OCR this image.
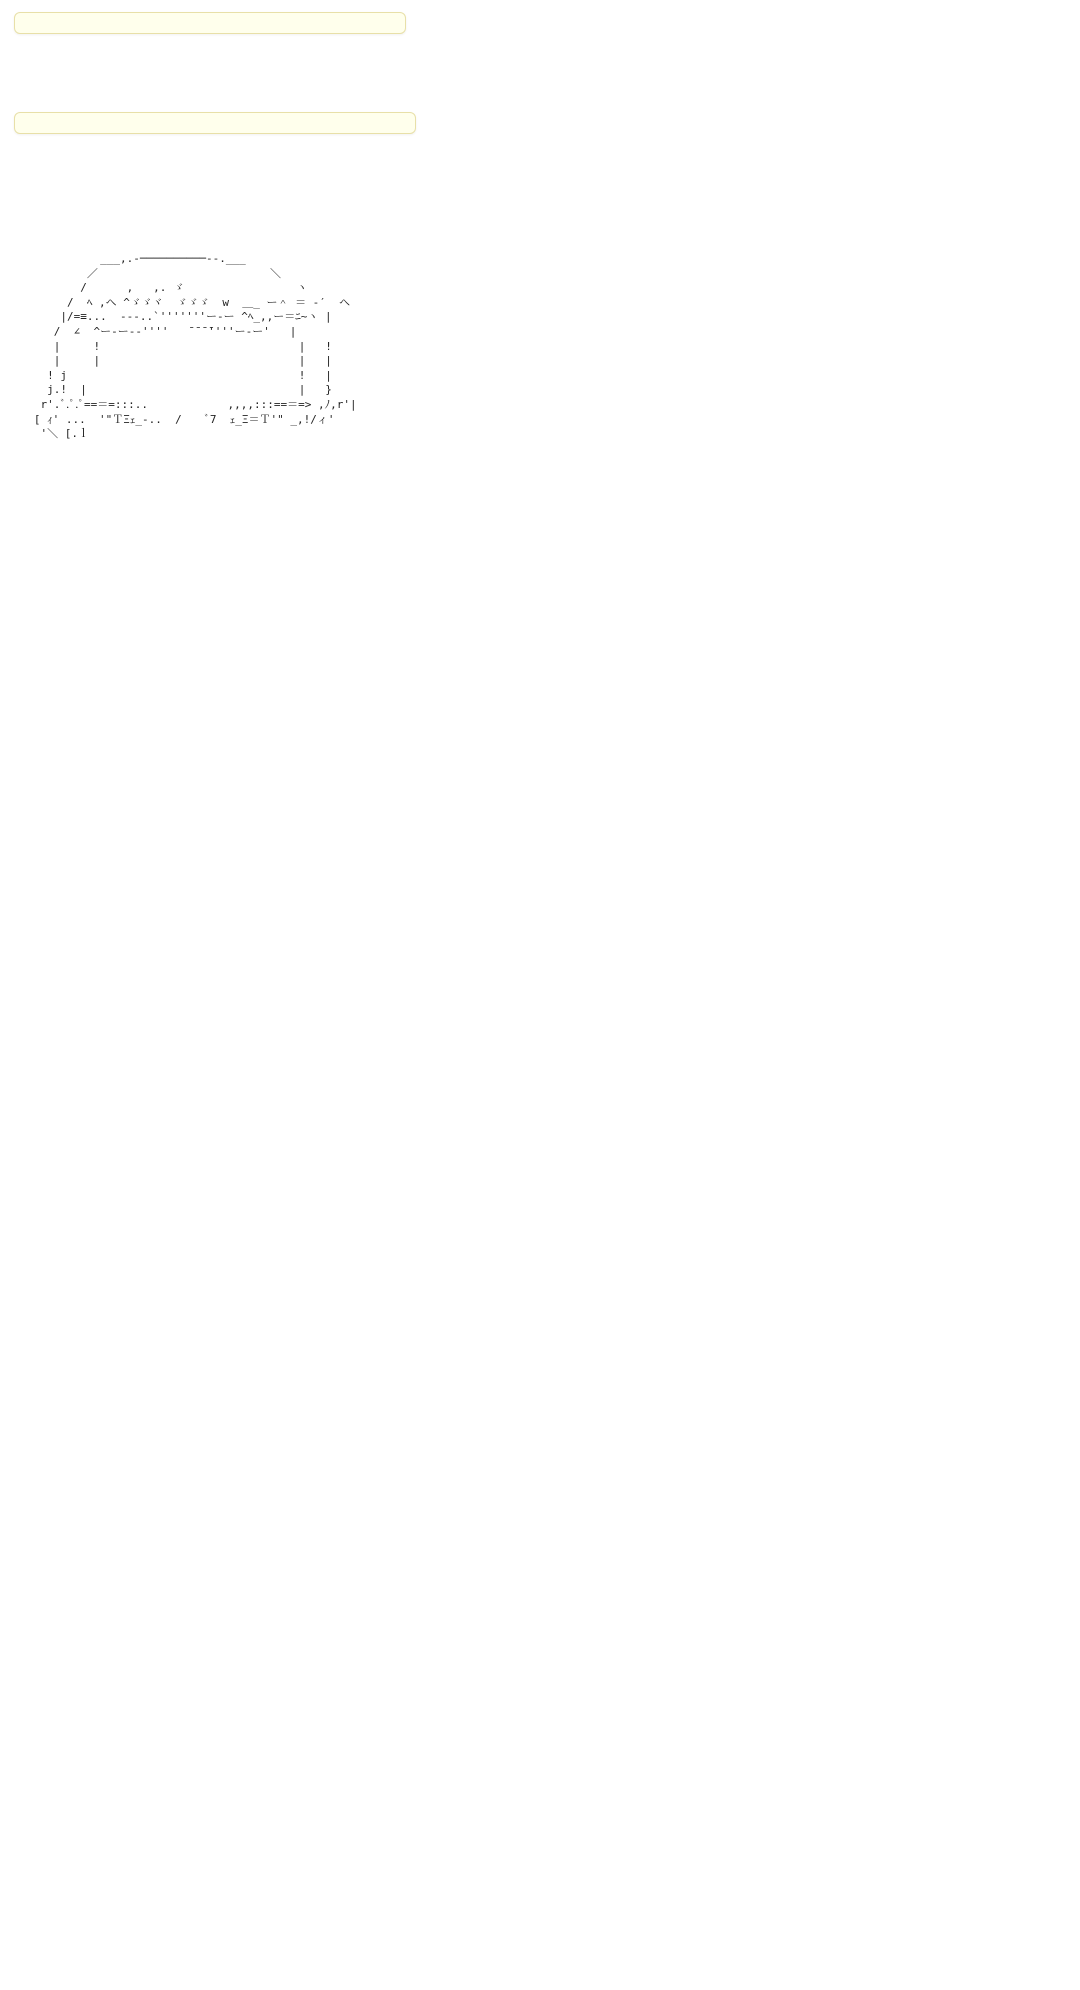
___,.-──────────‐-.___
／                          ＼
/      ,   ,. ゞ                 ヽ
/  ﾍ ,ヘ ^ゞゞヾ  ゞゞゞ  w  ＿_ ー＾ ＝ ‐′  ヘ
|/=≡...  ---..`'''''''ー‐ー ^ﾍ_,,ー＝ﾆ~ヽ |
/  ∠  ^ー‐ー‐‐''''   ̄ ̄ ̄ ̄''''ー‐ー'   |
|     !                              |   !
|     |                              |   |
! j                                   !   |
j.!  |                                |   }
r'.ﾞ.ﾟ.ﾟ==＝=:::..            ,,,,:::==＝=> ,ﾉ,r'|
[ ｨ' ...  '"ＴΞｪ_-..  /    ﾞ7  ｪ_Ξ＝Ｔ'" _,!/ィ'
'＼ [.ｌ
